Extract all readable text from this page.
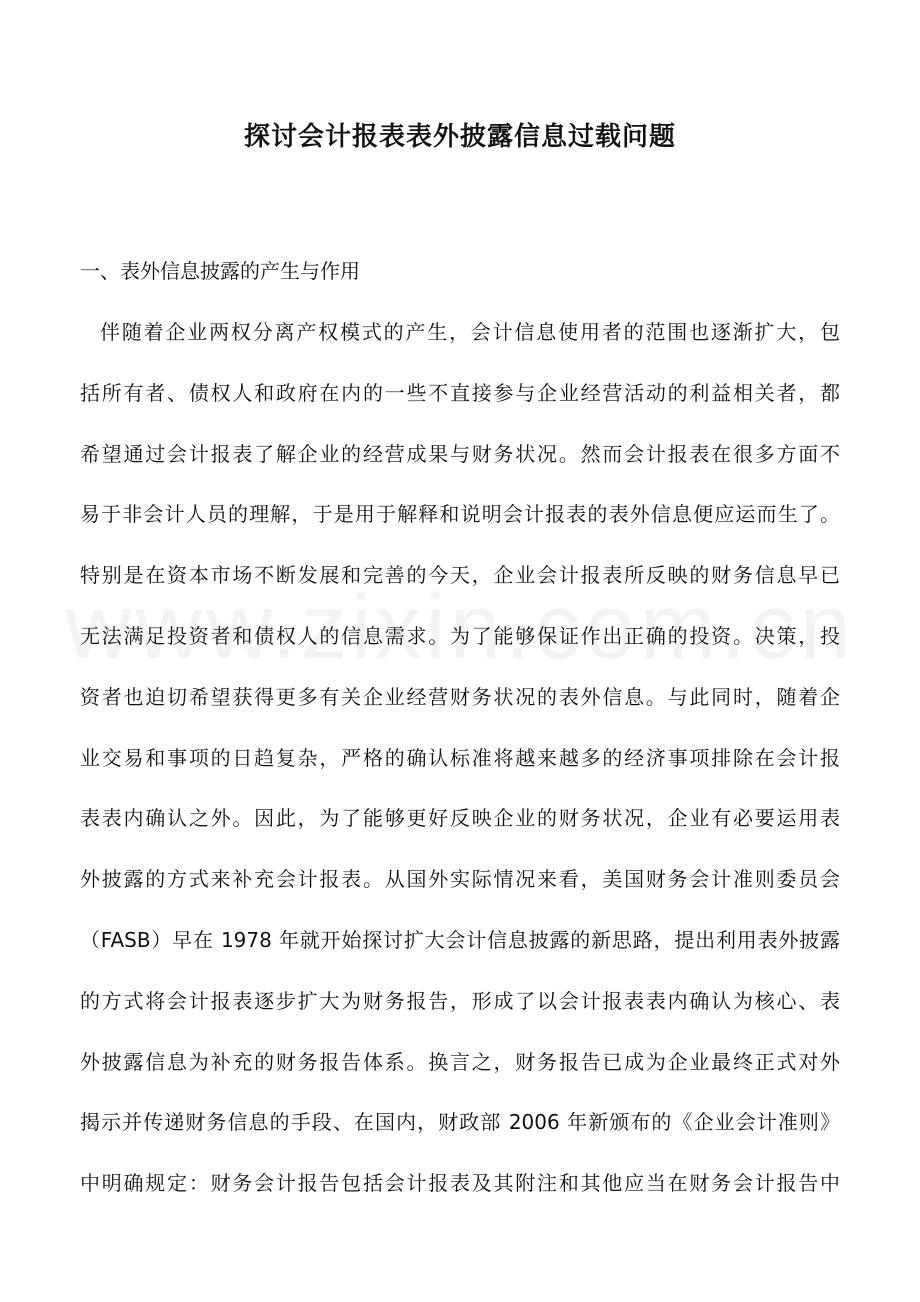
探讨会计报表表外披露信息过载问题
一、表外信息披露的产生与作用
伴随着企业两权分离产权模式的产生，会计信息使用者的范围也逐渐扩大，包
括所有者、债权人和政府在内的一些不直接参与企业经营活动的利益相关者，都
希望通过会计报表了解企业的经营成果与财务状况。然而会计报表在很多方面不
易于非会计人员的理解，于是用于解释和说明会计报表的表外信息便应运而生了。
特别是在资本市场不断发展和完善的今天，企业会计报表所反映的财务信息早已
无法满足投资者和债权人的信息需求。为了能够保证作出正确的投资。决策，投
资者也迫切希望获得更多有关企业经营财务状况的表外信息。与此同时，随着企
业交易和事项的日趋复杂，严格的确认标准将越来越多的经济事项排除在会计报
表表内确认之外。因此，为了能够更好反映企业的财务状况，企业有必要运用表
外披露的方式来补充会计报表。从国外实际情况来看，美国财务会计准则委员会
（FASB）早在 1978 年就开始探讨扩大会计信息披露的新思路，提出利用表外披露
的方式将会计报表逐步扩大为财务报告，形成了以会计报表表内确认为核心、表
外披露信息为补充的财务报告体系。换言之，财务报告已成为企业最终正式对外
揭示并传递财务信息的手段、在国内，财政部 2006 年新颁布的《企业会计准则》
中明确规定：财务会计报告包括会计报表及其附注和其他应当在财务会计报告中
